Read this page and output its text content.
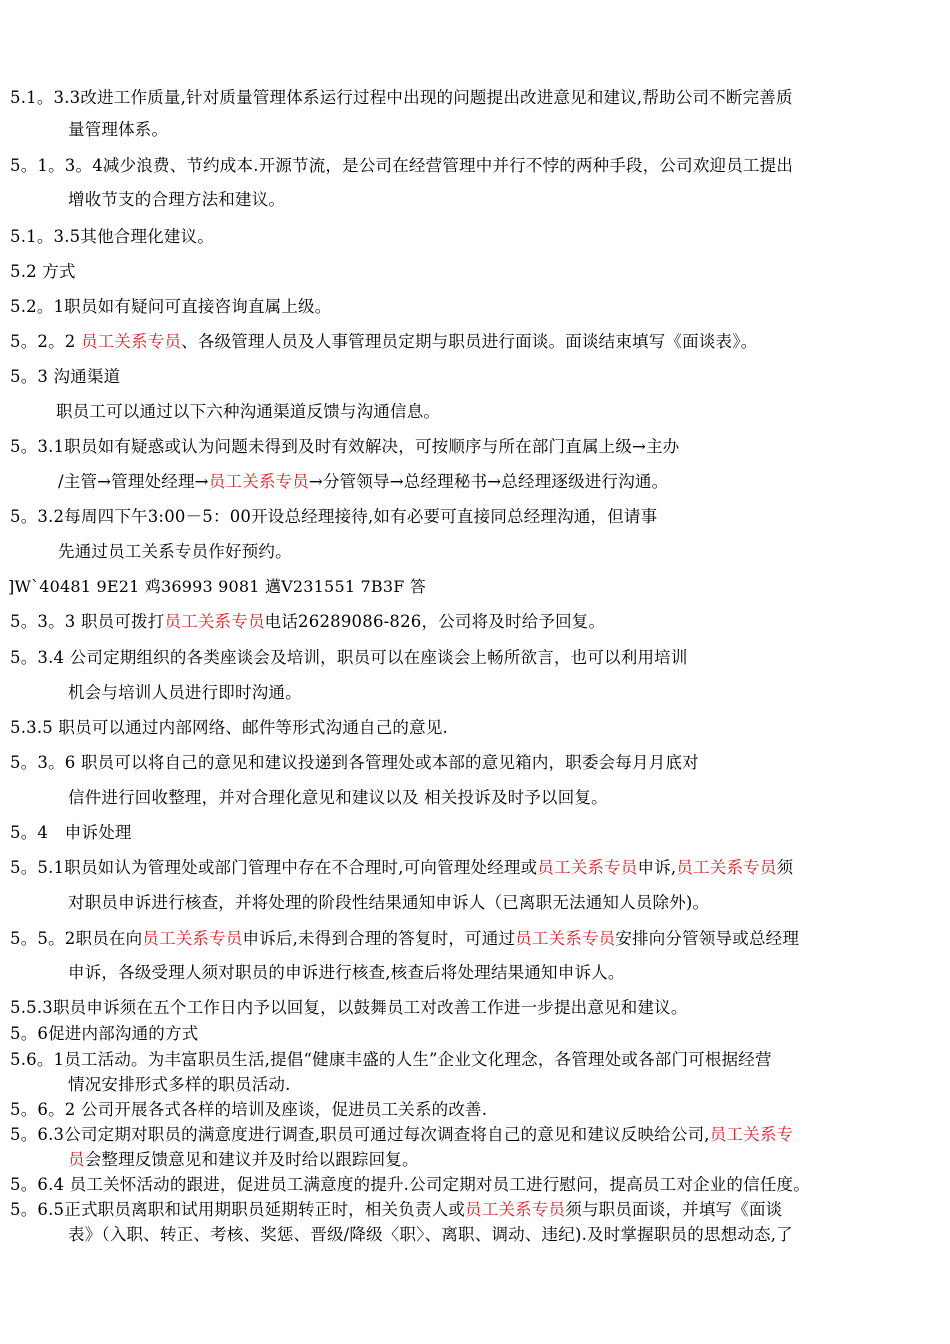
5.1。3.3改进工作质量,针对质量管理体系运行过程中出现的问题提出改进意见和建议,帮助公司不断完善质
量管理体系。
5。1。3。4减少浪费、节约成本.开源节流，是公司在经营管理中并行不悖的两种手段，公司欢迎员工提出
增收节支的合理方法和建议。
5.1。3.5其他合理化建议。
5.2 方式
5.2。1职员如有疑问可直接咨询直属上级。
5。2。2 员工关系专员、各级管理人员及人事管理员定期与职员进行面谈。面谈结束填写《面谈表》。
5。3 沟通渠道
职员工可以通过以下六种沟通渠道反馈与沟通信息。
5。3.1职员如有疑惑或认为问题未得到及时有效解决，可按顺序与所在部门直属上级→主办
/主管→管理处经理→员工关系专员→分管领导→总经理秘书→总经理逐级进行沟通。
5。3.2每周四下午3:00－5：00开设总经理接待,如有必要可直接同总经理沟通，但请事
先通过员工关系专员作好预约。
]W`40481 9E21 鸡36993 9081 邁V231551 7B3F 答
5。3。3 职员可拨打员工关系专员电话26289086-826，公司将及时给予回复。
5。3.4 公司定期组织的各类座谈会及培训，职员可以在座谈会上畅所欲言，也可以利用培训
机会与培训人员进行即时沟通。
5.3.5 职员可以通过内部网络、邮件等形式沟通自己的意见.
5。3。6 职员可以将自己的意见和建议投递到各管理处或本部的意见箱内，职委会每月月底对
信件进行回收整理，并对合理化意见和建议以及 相关投诉及时予以回复。
5。4　申诉处理
5。5.1职员如认为管理处或部门管理中存在不合理时,可向管理处经理或员工关系专员申诉,员工关系专员须
对职员申诉进行核查，并将处理的阶段性结果通知申诉人（已离职无法通知人员除外)。
5。5。2职员在向员工关系专员申诉后,未得到合理的答复时，可通过员工关系专员安排向分管领导或总经理
申诉，各级受理人须对职员的申诉进行核查,核查后将处理结果通知申诉人。
5.5.3职员申诉须在五个工作日内予以回复，以鼓舞员工对改善工作进一步提出意见和建议。
5。6促进内部沟通的方式
5.6。1员工活动。为丰富职员生活,提倡“健康丰盛的人生”企业文化理念，各管理处或各部门可根据经营
情况安排形式多样的职员活动.
5。6。2 公司开展各式各样的培训及座谈，促进员工关系的改善.
5。6.3公司定期对职员的满意度进行调查,职员可通过每次调查将自己的意见和建议反映给公司,员工关系专
员会整理反馈意见和建议并及时给以跟踪回复。
5。6.4 员工关怀活动的跟进，促进员工满意度的提升.公司定期对员工进行慰问，提高员工对企业的信任度。
5。6.5正式职员离职和试用期职员延期转正时，相关负责人或员工关系专员须与职员面谈，并填写《面谈
表》（入职、转正、考核、奖惩、晋级/降级〈职〉、离职、调动、违纪).及时掌握职员的思想动态,了
